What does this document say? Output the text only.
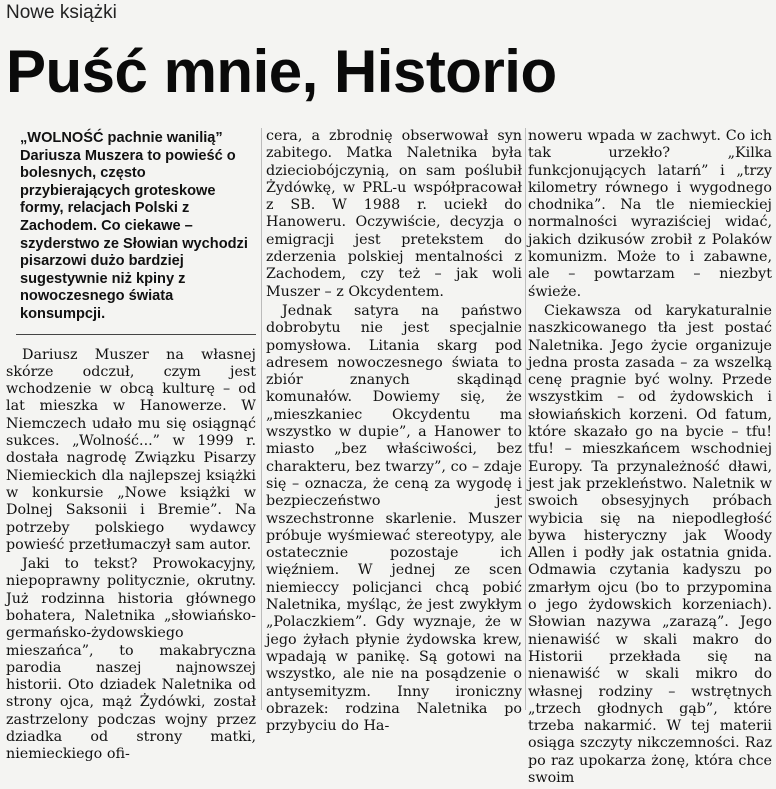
Nowe książki
Puść mnie, Historio
„WOLNOŚĆ pachnie wanilią” Dariusza Muszera to powieść o bolesnych, często przybierających groteskowe formy, relacjach Polski z Zachodem. Co ciekawe – szyderstwo ze Słowian wychodzi pisarzowi dużo bardziej sugestywnie niż kpiny z nowoczesnego świata konsumpcji.

Dariusz Muszer na własnej skórze odczuł, czym jest wchodzenie w obcą kulturę – od lat mieszka w Hanowerze. W Niemczech udało mu się osiągnąć sukces. „Wolność...” w 1999 r. dostała nagrodę Związku Pisarzy Niemieckich dla najlepszej książki w konkursie „Nowe książki w Dolnej Saksonii i Bremie”. Na potrzeby polskiego wydawcy powieść przetłumaczył sam autor.

Jaki to tekst? Prowokacyjny, niepoprawny politycznie, okrutny. Już rodzinna historia głównego bohatera, Naletnika „słowiańsko-germańsko-żydowskiego mieszańca”, to makabryczna parodia naszej najnowszej historii. Oto dziadek Naletnika od strony ojca, mąż Żydówki, został zastrzelony podczas wojny przez dziadka od strony matki, niemieckiego ofi-

cera, a zbrodnię obserwował syn zabitego. Matka Naletnika była dzieciobójczynią, on sam poślubił Żydówkę, w PRL-u współpracował z SB. W 1988 r. uciekł do Hanoweru. Oczywiście, decyzja o emigracji jest pretekstem do zderzenia polskiej mentalności z Zachodem, czy też – jak woli Muszer – z Okcydentem.

Jednak satyra na państwo dobrobytu nie jest specjalnie pomysłowa. Litania skarg pod adresem nowoczesnego świata to zbiór znanych skądinąd komunałów. Dowiemy się, że „mieszkaniec Okcydentu ma wszystko w dupie”, a Hanower to miasto „bez właściwości, bez charakteru, bez twarzy”, co – zdaje się – oznacza, że ceną za wygodę i bezpieczeństwo jest wszechstronne skarlenie. Muszer próbuje wyśmiewać stereotypy, ale ostatecznie pozostaje ich więźniem. W jednej ze scen niemieccy policjanci chcą pobić Naletnika, myśląc, że jest zwykłym „Polaczkiem”. Gdy wyznaje, że w jego żyłach płynie żydowska krew, wpadają w panikę. Są gotowi na wszystko, ale nie na posądzenie o antysemityzm. Inny ironiczny obrazek: rodzina Naletnika po przybyciu do Ha-

noweru wpada w zachwyt. Co ich tak urzekło? „Kilka funkcjonujących latarń” i „trzy kilometry równego i wygodnego chodnika”. Na tle niemieckiej normalności wyraziściej widać, jakich dzikusów zrobił z Polaków komunizm. Może to i zabawne, ale – powtarzam – niezbyt świeże.

Ciekawsza od karykaturalnie naszkicowanego tła jest postać Naletnika. Jego życie organizuje jedna prosta zasada – za wszelką cenę pragnie być wolny. Przede wszystkim – od żydowskich i słowiańskich korzeni. Od fatum, które skazało go na bycie – tfu! tfu! – mieszkańcem wschodniej Europy. Ta przynależność dławi, jest jak przekleństwo. Naletnik w swoich obsesyjnych próbach wybicia się na niepodległość bywa histeryczny jak Woody Allen i podły jak ostatnia gnida. Odmawia czytania kadyszu po zmarłym ojcu (bo to przypomina o jego żydowskich korzeniach). Słowian nazywa „zarazą”. Jego nienawiść w skali makro do Historii przekłada się na nienawiść w skali mikro do własnej rodziny – wstrętnych „trzech głodnych gąb”, które trzeba nakarmić. W tej materii osiąga szczyty nikczemności. Raz po raz upokarza żonę, która chce swoim
